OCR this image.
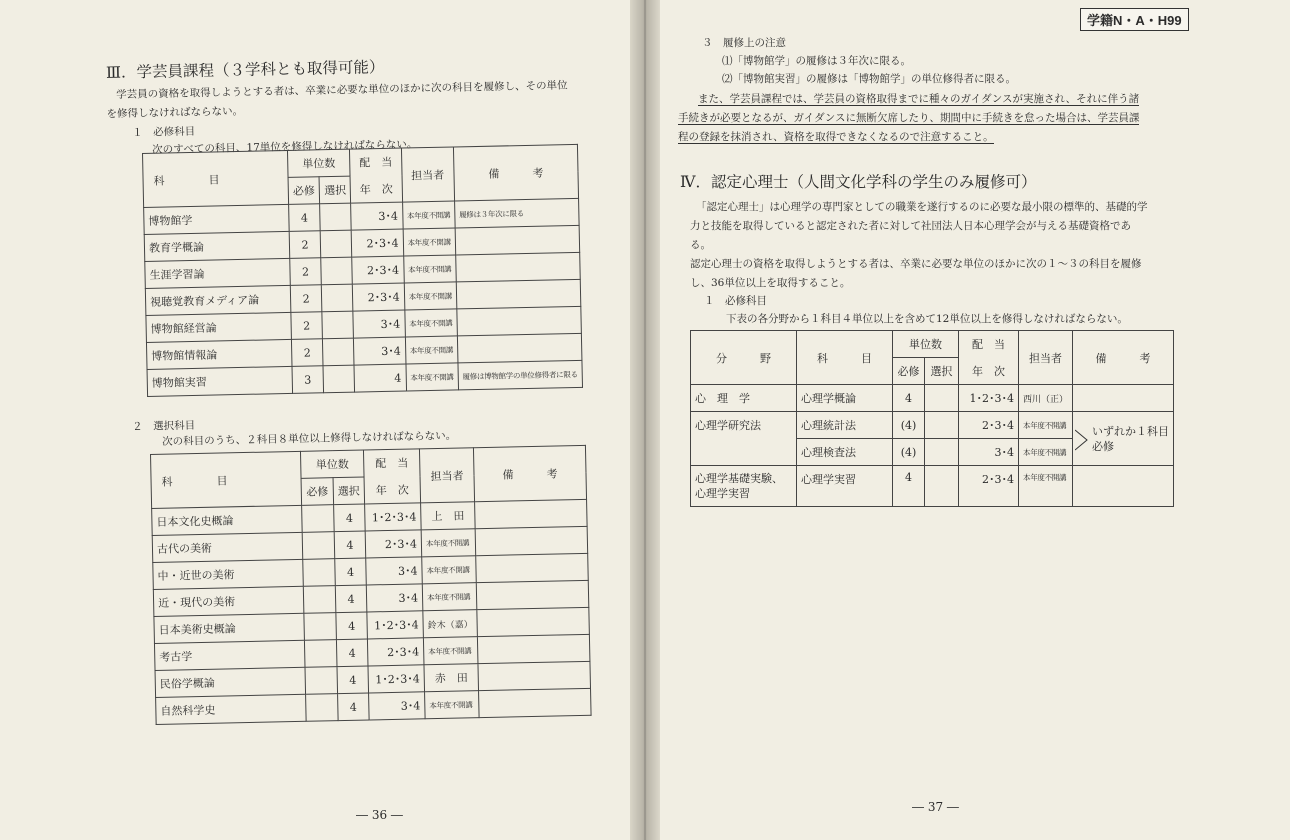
Ⅲ．学芸員課程（３学科とも取得可能）
学芸員の資格を取得しようとする者は、卒業に必要な単位のほかに次の科目を履修し、その単位
を修得しなければならない。
１　必修科目
次のすべての科目、17単位を修得しなければならない。
科　　　　目	単位数		配　当	担当者	備　　　考
	必修	選択	年　次		
博物館学	4		3･4	本年度不開講	履修は３年次に限る
教育学概論	2		2･3･4	本年度不開講	
生涯学習論	2		2･3･4	本年度不開講	
視聴覚教育メディア論	2		2･3･4	本年度不開講	
博物館経営論	2		3･4	本年度不開講	
博物館情報論	2		3･4	本年度不開講	
博物館実習	3		4	本年度不開講	履修は博物館学の単位修得者に限る
２　選択科目
次の科目のうち、２科目８単位以上修得しなければならない。
科　　　　目	単位数		配　当	担当者	備　　　考
	必修	選択	年　次		
日本文化史概論		4	1･2･3･4	上　田	
古代の美術		4	2･3･4	本年度不開講	
中・近世の美術		4	3･4	本年度不開講	
近・現代の美術		4	3･4	本年度不開講	
日本美術史概論		4	1･2･3･4	鈴木（嘉）	
考古学		4	2･3･4	本年度不開講	
民俗学概論		4	1･2･3･4	赤　田	
自然科学史		4	3･4	本年度不開講	
― 36 ―
学籍N・A・H99
３　履修上の注意
⑴「博物館学」の履修は３年次に限る。
⑵「博物館実習」の履修は「博物館学」の単位修得者に限る。
また、学芸員課程では、学芸員の資格取得までに種々のガイダンスが実施され、それに伴う諸
手続きが必要となるが、ガイダンスに無断欠席したり、期間中に手続きを怠った場合は、学芸員課
程の登録を抹消され、資格を取得できなくなるので注意すること。
Ⅳ．認定心理士（人間文化学科の学生のみ履修可）
「認定心理士」は心理学の専門家としての職業を遂行するのに必要な最小限の標準的、基礎的学
力と技能を取得していると認定された者に対して社団法人日本心理学会が与える基礎資格であ
る。
認定心理士の資格を取得しようとする者は、卒業に必要な単位のほかに次の１～３の科目を履修
し、36単位以上を取得すること。
１　必修科目
下表の各分野から１科目４単位以上を含めて12単位以上を修得しなければならない。
分　　　野	科　　　目	単位数		配　当	担当者	備　　　考
		必修	選択	年　次		
心　理　学	心理学概論	4		1･2･3･4	西川（正）	
心理学研究法	心理統計法	(4)		2･3･4	本年度不開講	いずれか１科目
必修

	心理検査法	(4)		3･4	本年度不開講	

心理学基礎実験、
心理学実習	心理学実習	4		2･3･4	本年度不開講	
― 37 ―
